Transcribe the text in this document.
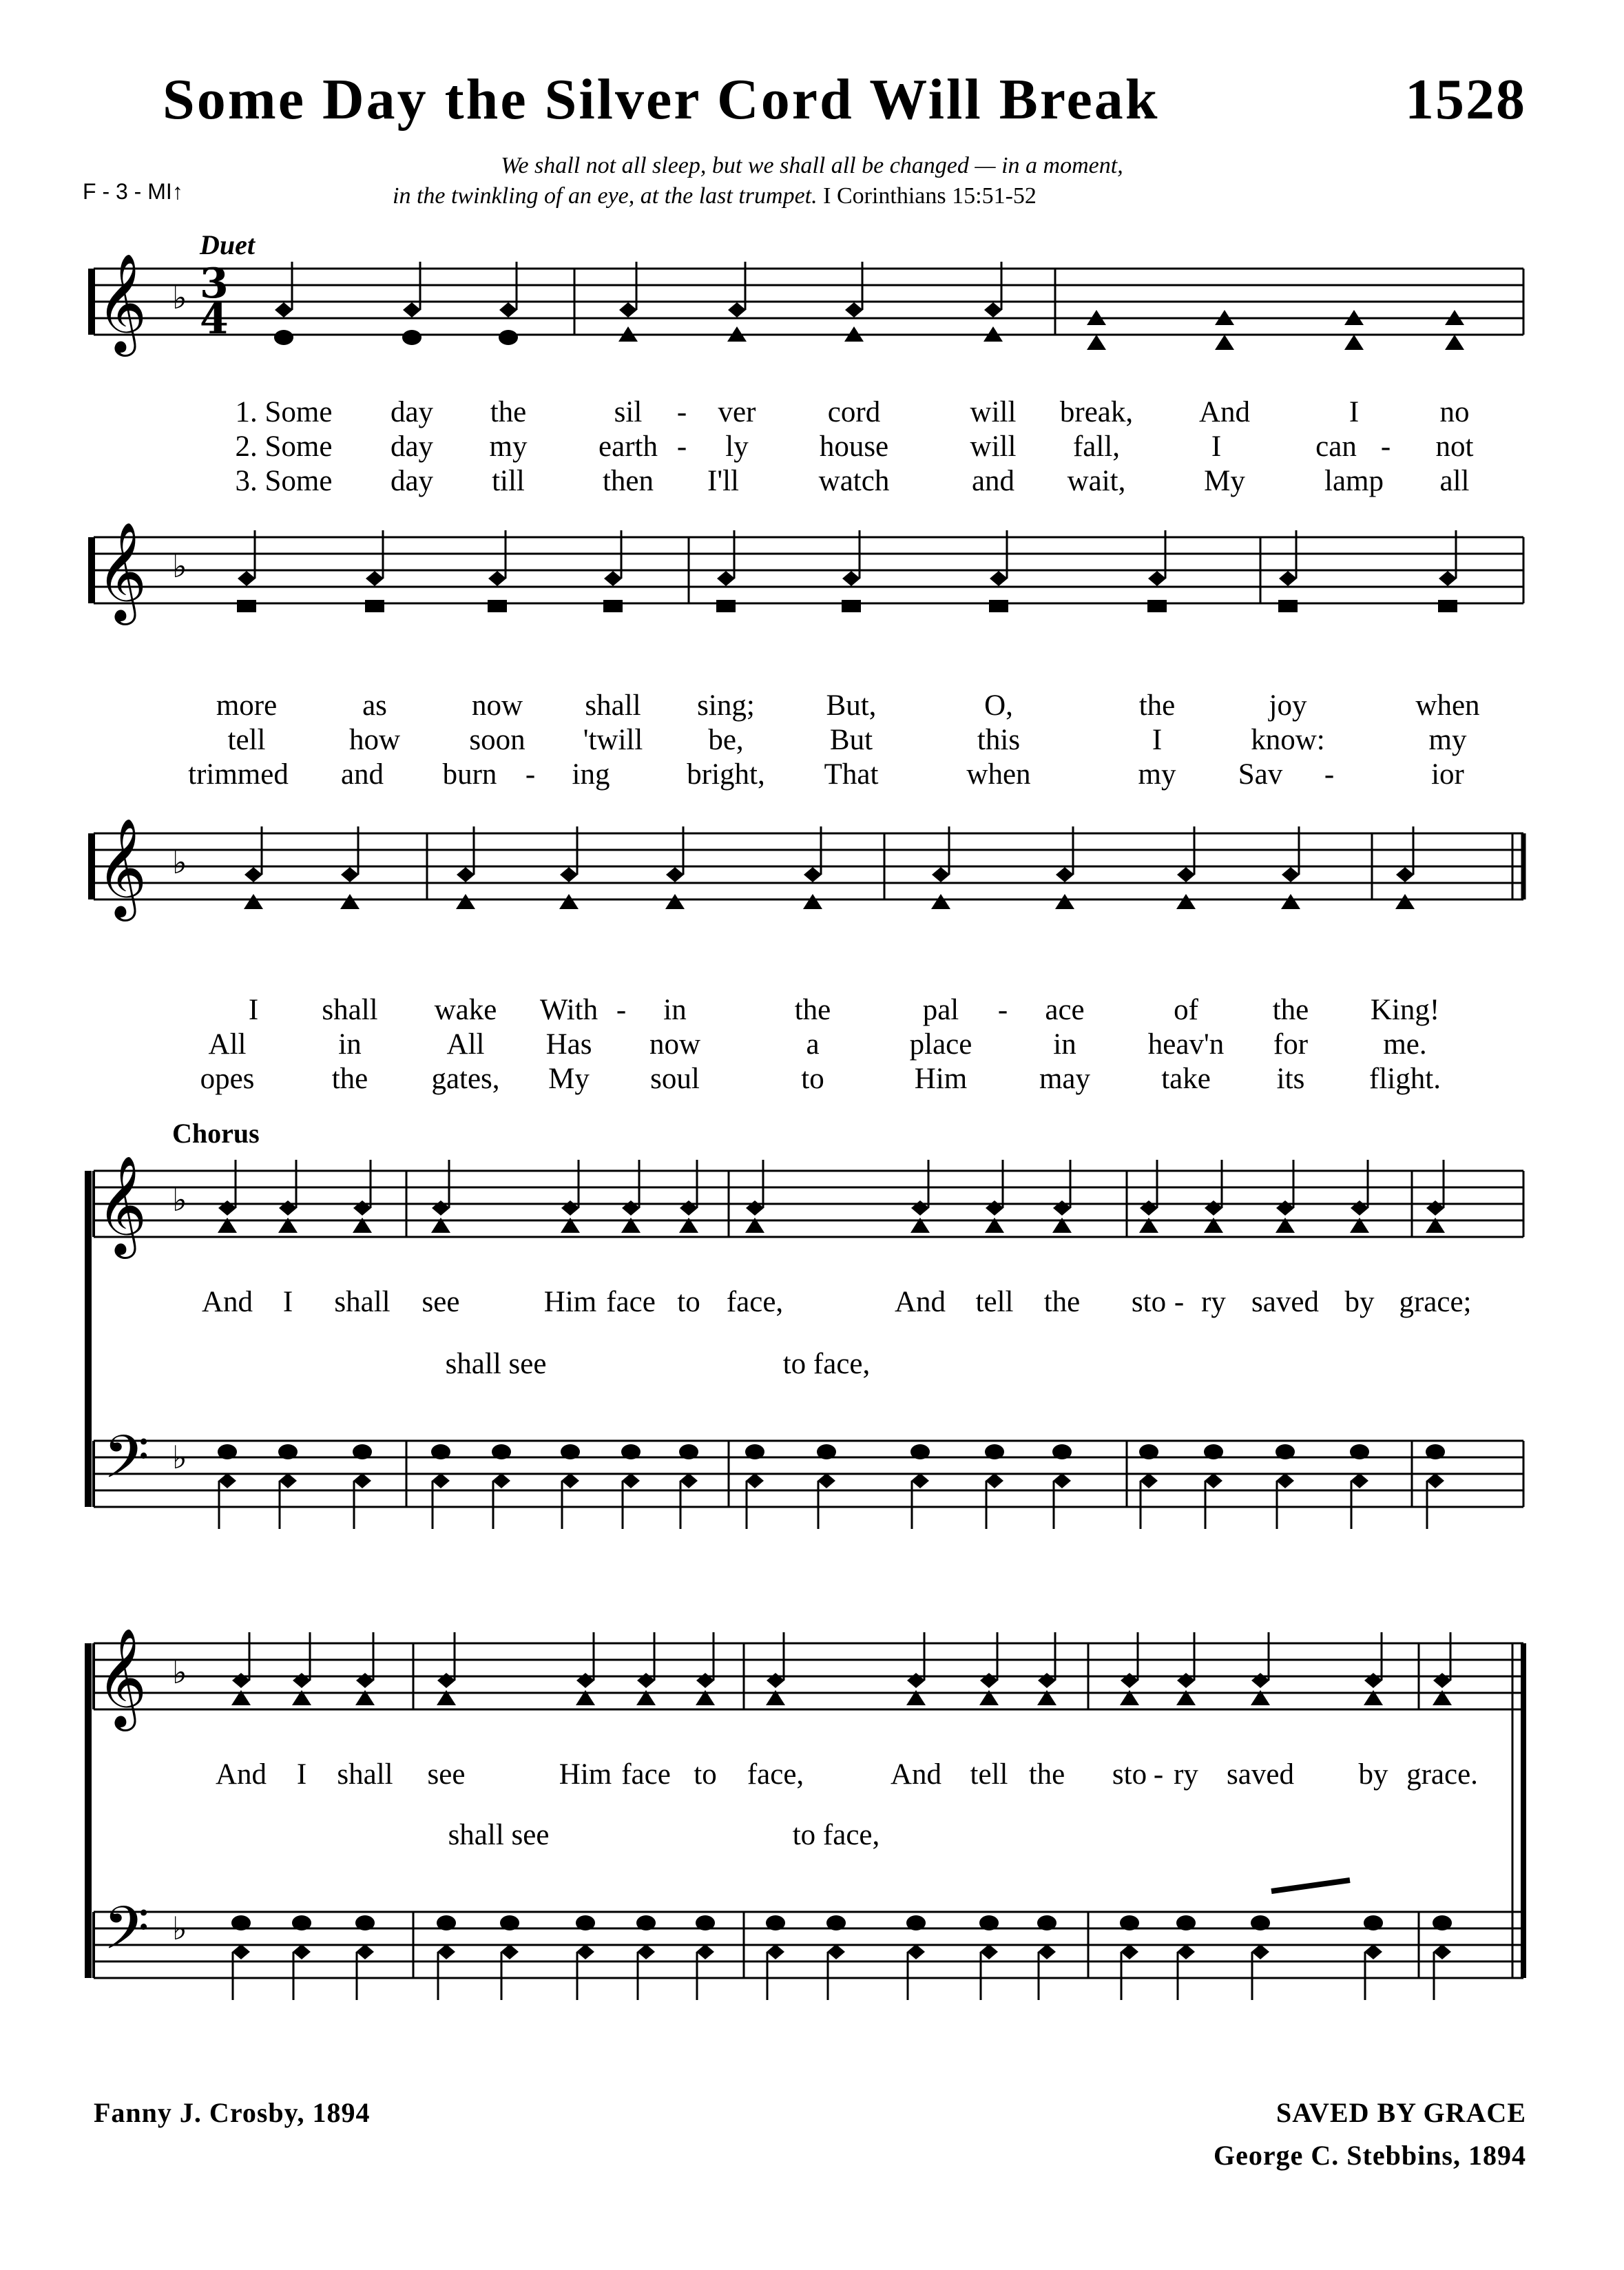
Some Day the Silver Cord Will Break	1528
We shall not all sleep, but we shall all be changed — in a moment,
in the twinkling of an eye, at the last trumpet. I Corinthians 15:51-52
F - 3 - MI↑
Duet
Chorus
𝄞 ♭ 3
4
𝄞 ♭
𝄞 ♭
𝄞 ♭
𝄢 ♭
𝄞 ♭
𝄢 ♭
1. Some	day	the	sil	-	ver	cord	will	break,	And	I	no
2. Some	day	my	earth -	ly	house	will	fall,	I	can -	not
3. Some	day	till	then	I'll	watch	and	wait,	My	lamp	all
more	as	now	shall	sing;	But,	O,	the	joy	when
tell	how	soon	'twill	be,	But	this	I	know:	my
trimmed	and	burn -	ing	bright,	That	when	my	Sav	-	ior
I	shall	wake	With -	in	the	pal	-	ace	of	the	King!
All	in	All	Has	now	a	place	in	heav'n	for	me.
opes	the	gates,	My	soul	to	Him	may	take	its	flight.
And	I	shall	see	Him face to face,	And	tell	the	sto - ry saved by grace;
shall see	to face,
And	I	shall	see	Him face to	face,	And tell the	sto - ry saved	by grace.
shall see	to face,
Fanny J. Crosby, 1894	SAVED BY GRACE
George C. Stebbins, 1894
